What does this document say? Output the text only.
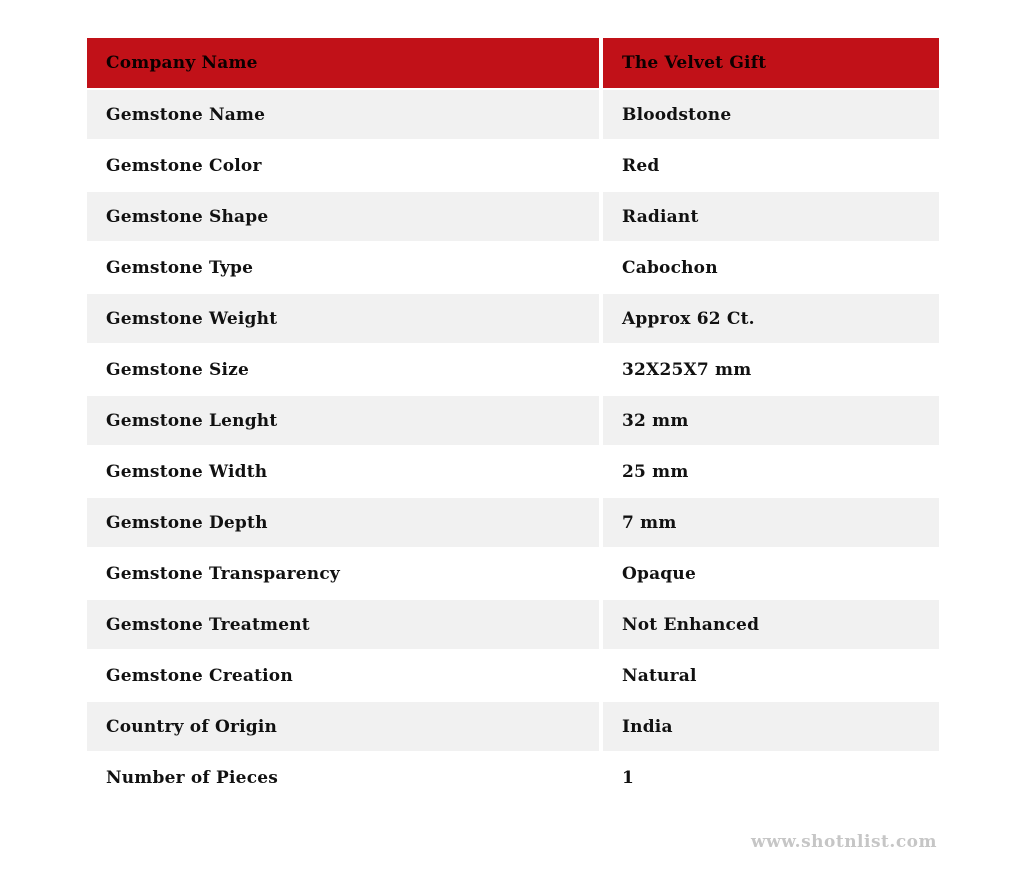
Company Name	The Velvet Gift
Gemstone Name	Bloodstone
Gemstone Color	Red
Gemstone Shape	Radiant
Gemstone Type	Cabochon
Gemstone Weight	Approx 62 Ct.
Gemstone Size	32X25X7 mm
Gemstone Lenght	32 mm
Gemstone Width	25 mm
Gemstone Depth	7 mm
Gemstone Transparency	Opaque
Gemstone Treatment	Not Enhanced
Gemstone Creation	Natural
Country of Origin	India
Number of Pieces	1
www.shotnlist.com
